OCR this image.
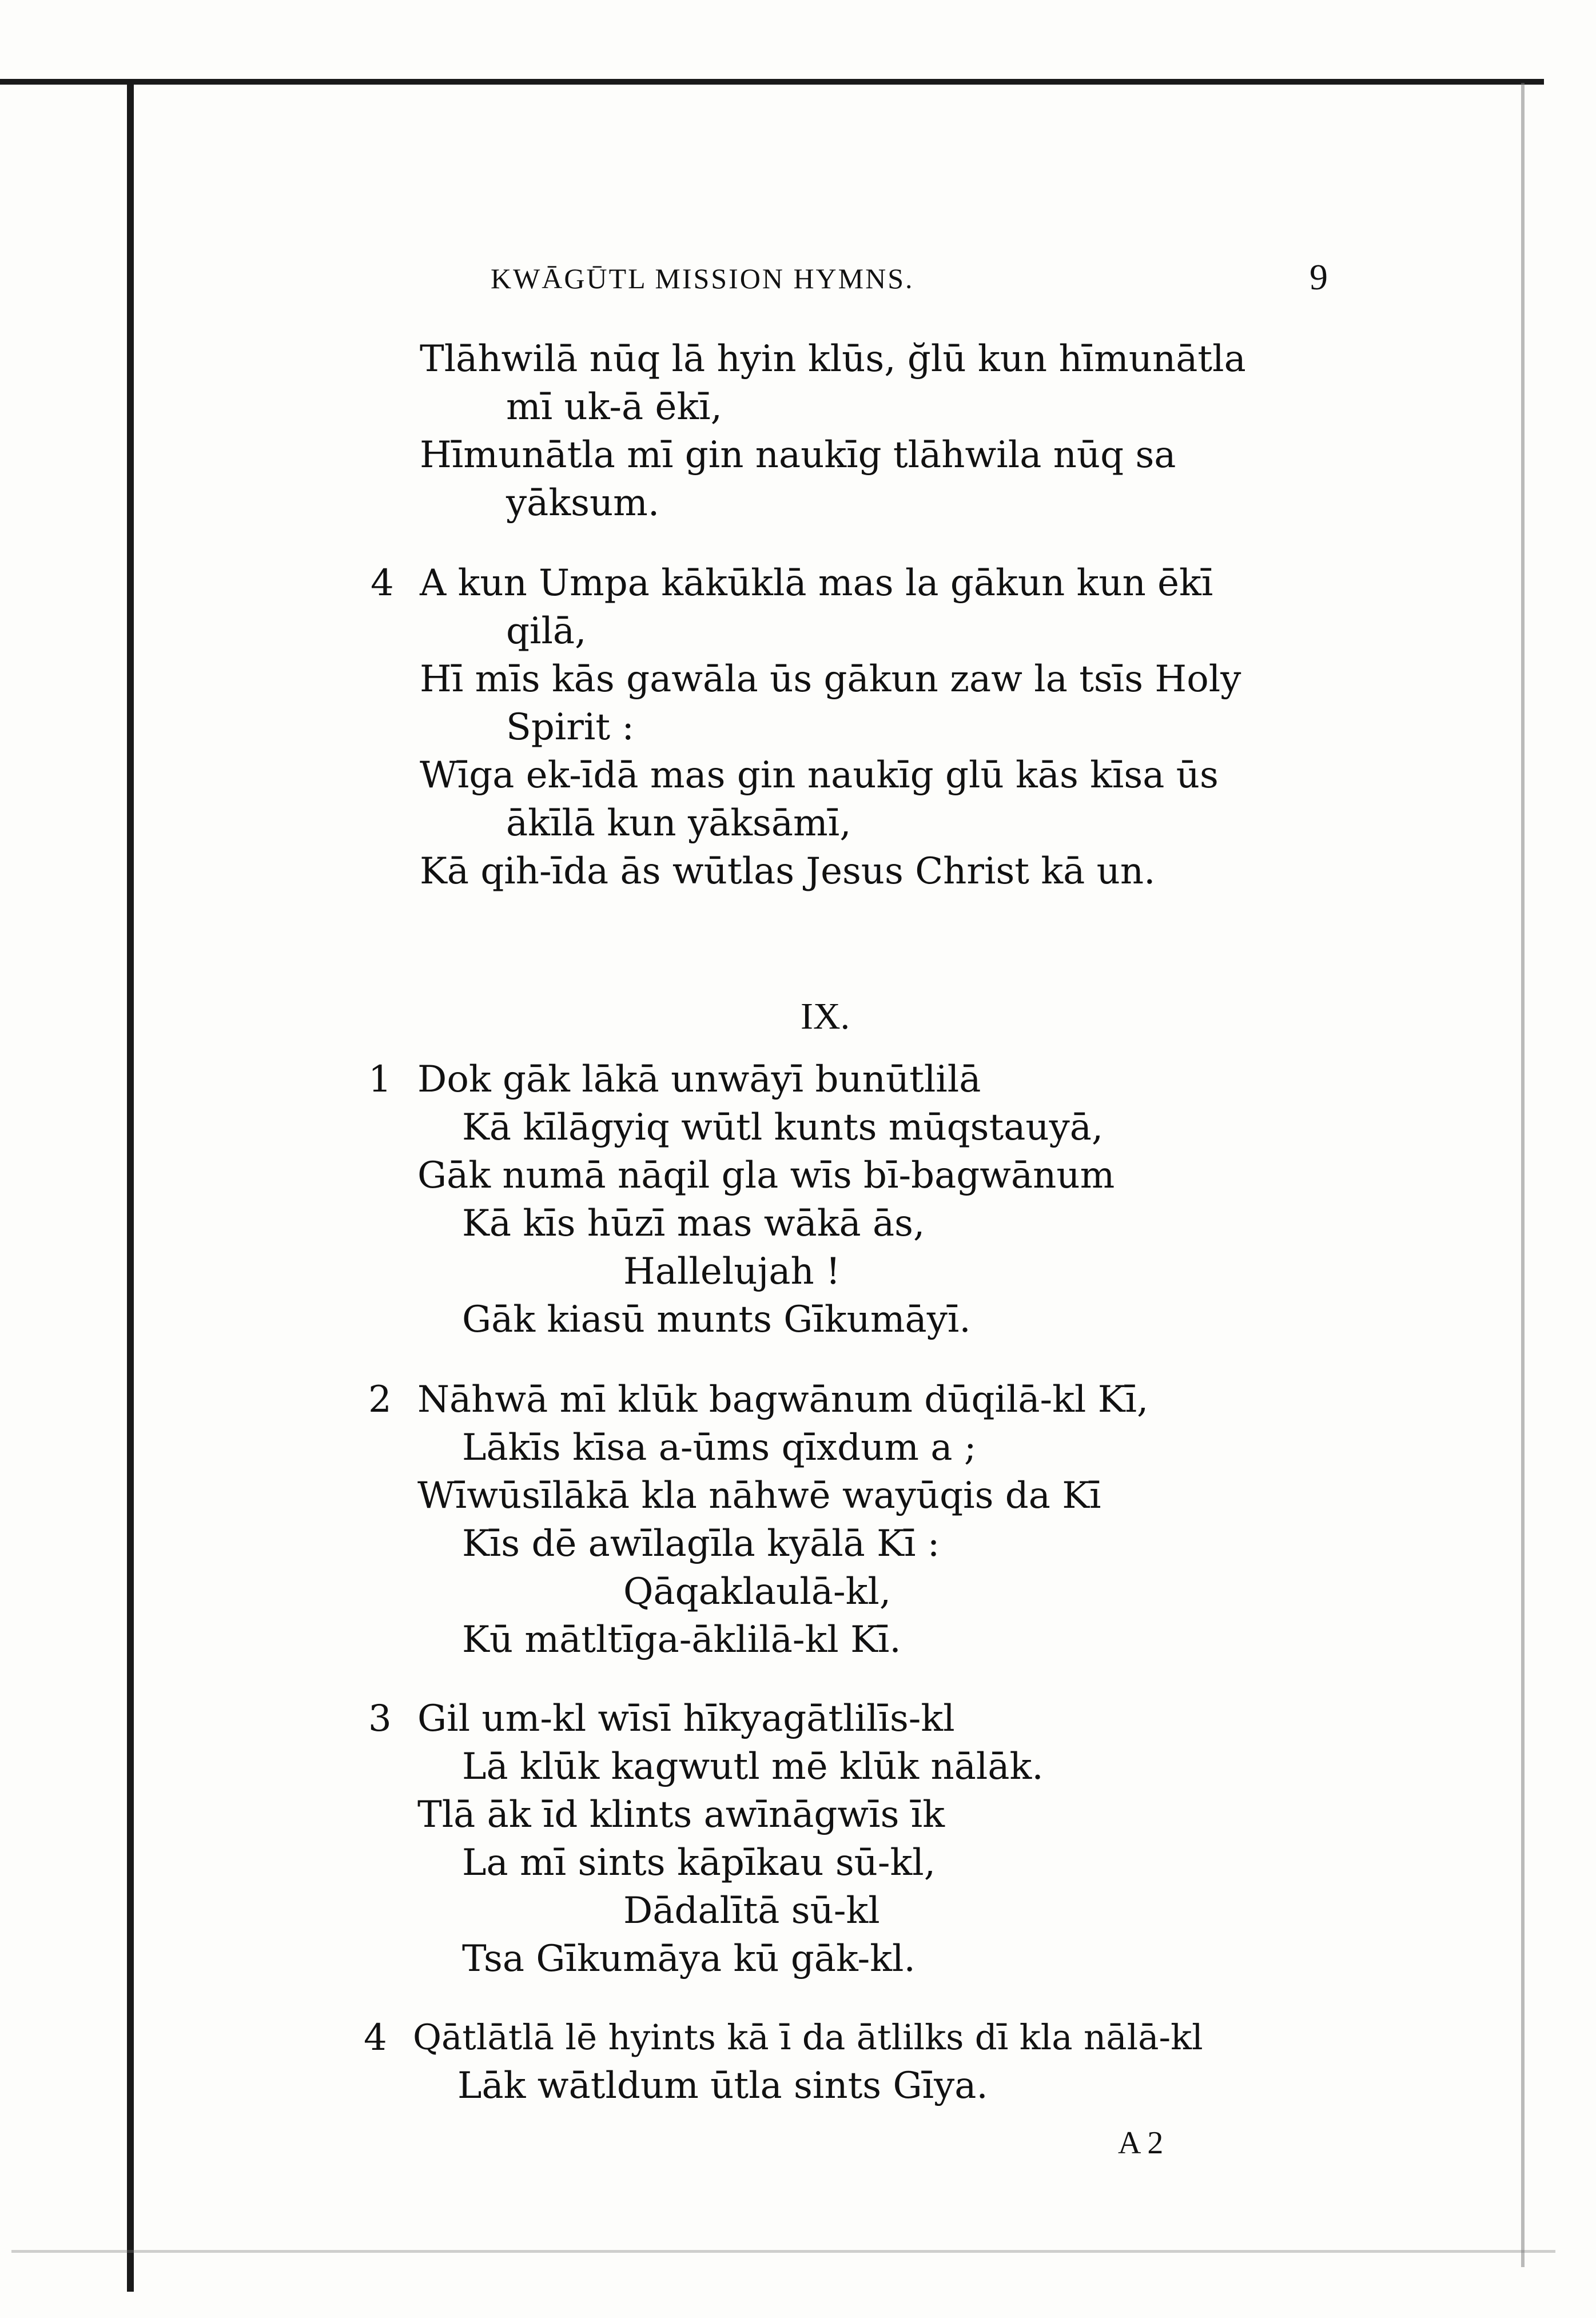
KWĀGŪTL MISSION HYMNS.	9
Tlāhwilā nūq lā hyin klūs, ğlū kun hīmunātla
mī uk-ā ēkī,
Hīmunātla mī gin naukīg tlāhwila nūq sa
yāksum.
4 A kun Umpa kākūklā mas la gākun kun ēkī
qilā,
Hī mīs kās gawāla ūs gākun zaw la tsīs Holy
Spirit :
Wīga ek-īdā mas gin naukīg glū kās kīsa ūs
ākīlā kun yāksāmī,
Kā qih-īda ās wūtlas Jesus Christ kā un.
IX.
1 Dok gāk lākā unwāyī bunūtlilā
Kā kīlāgyiq wūtl kunts mūqstauyā,
Gāk numā nāqil gla wīs bī-bagwānum
Kā kīs hūzī mas wākā ās,
Hallelujah !
Gāk kiasū munts Gīkumāyī.
2 Nāhwā mī klūk bagwānum dūqilā-kl Kī,
Lākīs kīsa a-ūms qīxdum a ;
Wīwūsīlākā kla nāhwē wayūqis da Kī
Kīs dē awīlagīla kyālā Kī :
Qāqaklaulā-kl,
Kū mātltīga-āklilā-kl Kī.
3 Gil um-kl wīsī hīkyagātlilīs-kl
Lā klūk kagwutl mē klūk nālāk.
Tlā āk īd klints awīnāgwīs īk
La mī sints kāpīkau sū-kl,
Dādalītā sū-kl
Tsa Gīkumāya kū gāk-kl.
4 Qātlātlā lē hyints kā ī da ātlilks dī kla nālā-kl
Lāk wātldum ūtla sints Gīya.
A 2
